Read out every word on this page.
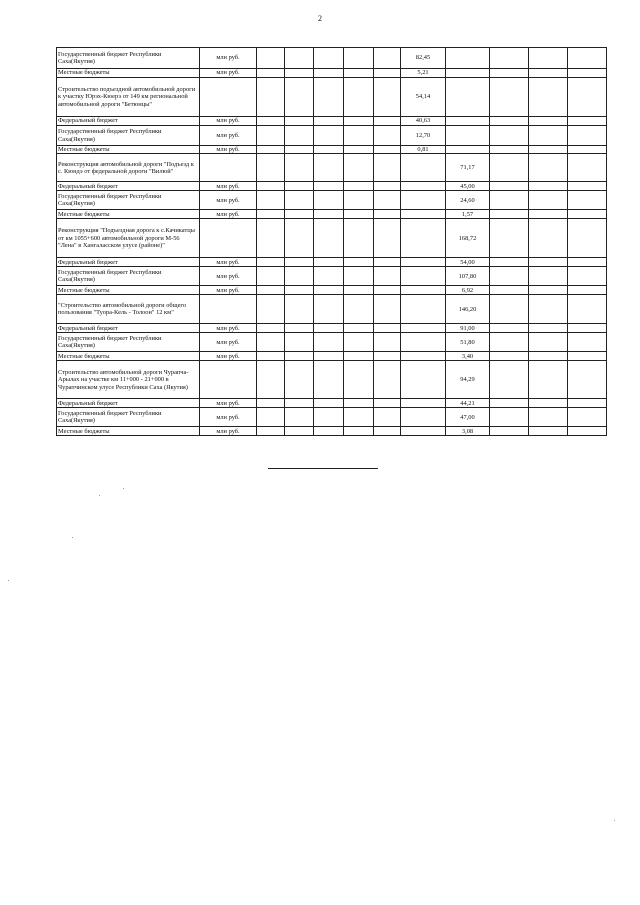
2
Государственный бюджет Республики Саха(Якутия)	млн руб.						82,45				
Местные бюджеты	млн руб.						5,21				
Строительство подъездной автомобильной дороги к участку Юрэх-Кюерэ от 149 км региональной автомобильной дороги "Бетюнцы"							54,14				
Федеральный бюджет	млн руб.						40,63				
Государственный бюджет Республики Саха(Якутия)	млн руб.						12,70				
Местные бюджеты	млн руб.						0,81				
Реконструкция автомобильной дороги "Подъезд к с. Кюндэ от федеральной дороги "Вилюй"								71,17			
Федеральный бюджет	млн руб.							45,00			
Государственный бюджет Республики Саха(Якутия)	млн руб.							24,60			
Местные бюджеты	млн руб.							1,57			
Реконструкция "Подъездная дорога к с.Качикатцы от км 1055+600 автомобильной дороги М-56 "Лена" в Хангаласском улусе (районе)"								168,72			
Федеральный бюджет	млн руб.							54,00			
Государственный бюджет Республики Саха(Якутия)	млн руб.							107,80			
Местные бюджеты	млн руб.							6,92			
"Строительство автомобильной дороги общего пользования "Туора-Кель - Толоон" 12 км"								146,20			
Федеральный бюджет	млн руб.							91,00			
Государственный бюджет Республики Саха(Якутия)	млн руб.							51,80			
Местные бюджеты	млн руб.							3,40			
Строительство автомобильной дороги Чурапча-Арылах на участке км 11+000 - 21+000 в Чурапчинском улусе Республики Саха (Якутия)								94,29			
Федеральный бюджет	млн руб.							44,21			
Государственный бюджет Республики Саха(Якутия)	млн руб.							47,00			
Местные бюджеты	млн руб.							3,08			
